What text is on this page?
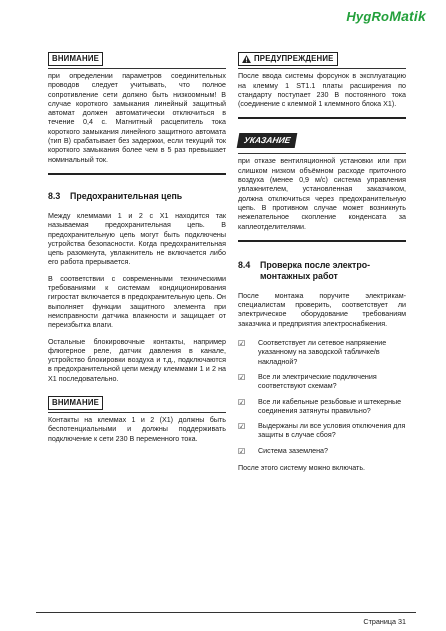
HygRoMatik
ВНИМАНИЕ

при определении параметров соединительных проводов следует учитывать, что полное сопротивление сети должно быть низкоомным! В случае короткого замыкания линейный защитный автомат должен автоматически отключиться в течение 0,4 с. Магнитный расцепитель тока короткого замыкания линейного защитного автомата (тип B) срабатывает без задержки, если текущий ток короткого замыкания более чем в 5 раз превышает номинальный ток.

8.3	Предохранительная цепь

Между клеммами 1 и 2 с X1 находится так называемая предохранительная цепь. В предохранительную цепь могут быть подключены устройства безопасности. Когда предохранительная цепь разомкнута, увлажнитель не включается либо его работа прерывается.

В соответствии с современными техническими требованиями к системам кондиционирования гигростат включается в предохранительную цепь. Он выполняет функции защитного элемента при неисправности датчика влажности и защищает от переизбытка влаги.

Остальные блокировочные контакты, например флюгерное реле, датчик давления в канале, устройство блокировки воздуха и т.д., подключаются в предохранительной цепи между клеммами 1 и 2 на X1 последовательно.

ВНИМАНИЕ

Контакты на клеммах 1 и 2 (X1) должны быть беспотенциальными и должны поддерживать подключение к сети 230 В переменного тока.

ПРЕДУПРЕЖДЕНИЕ

После ввода системы форсунок в эксплуатацию на клемму 1 ST1.1 платы расширения по стандарту поступает 230 В постоянного тока (соединение с клеммой 1 клеммного блока X1).

УКАЗАНИЕ

при отказе вентиляционной установки или при слишком низком объёмном расходе приточного воздуха (менее 0,9 м/с) система управления увлажнителем, установленная заказчиком, должна отключиться через предохранительную цепь. В противном случае может возникнуть нежелательное скопление конденсата за каплеотделителями.

8.4	Проверка после электро-монтажных работ

После монтажа поручите электрикам-специалистам проверить, соответствует ли электрическое оборудование требованиям заказчика и предприятия электроснабжения.

☑	Соответствует ли сетевое напряжение указанному на заводской табличке/в накладной?
☑	Все ли электрические подключения соответствуют схемам?
☑	Все ли кабельные резьбовые и штекерные соединения затянуты правильно?
☑	Выдержаны ли все условия отключения для защиты в случае сбоя?
☑	Система заземлена?

После этого систему можно включать.

Страница 31
